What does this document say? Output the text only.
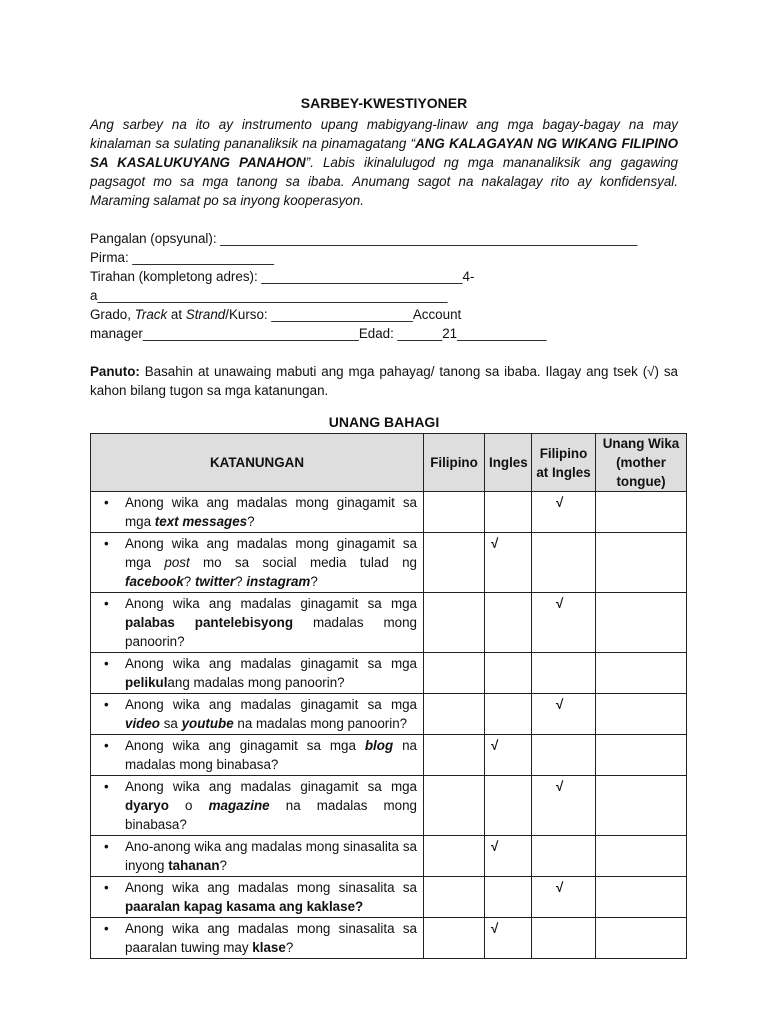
SARBEY-KWESTIYONER

Ang sarbey na ito ay instrumento upang mabigyang-linaw ang mga bagay-bagay na may kinalaman sa sulating pananaliksik na pinamagatang “ANG KALAGAYAN NG WIKANG FILIPINO SA KASALUKUYANG PANAHON”. Labis ikinalulugod ng mga mananaliksik ang gagawing pagsagot mo sa mga tanong sa ibaba. Anumang sagot na nakalagay rito ay konfidensyal. Maraming salamat po sa inyong kooperasyon.

Pangalan (opsyunal): ________________________________________________________ Pirma: ___________________

Tirahan (kompletong adres): ___________________________4-a_______________________________________________

Grado, Track at Strand/Kurso: ___________________Account manager_____________________________Edad: ______21____________

Panuto: Basahin at unawaing mabuti ang mga pahayag/ tanong sa ibaba. Ilagay ang tsek (√) sa kahon bilang tugon sa mga katanungan.

UNANG BAHAGI

KATANUNGAN	Filipino	Ingles	Filipino at Ingles	Unang Wika (mother tongue)

• Anong wika ang madalas mong ginagamit sa mga text messages?			√	

• Anong wika ang madalas mong ginagamit sa mga post mo sa social media tulad ng facebook? twitter? instagram?		√		

• Anong wika ang madalas ginagamit sa mga palabas pantelebisyong madalas mong panoorin?			√	

• Anong wika ang madalas ginagamit sa mga pelikulang madalas mong panoorin?				

• Anong wika ang madalas ginagamit sa mga video sa youtube na madalas mong panoorin?			√	

• Anong wika ang ginagamit sa mga blog na madalas mong binabasa?		√		

• Anong wika ang madalas ginagamit sa mga dyaryo o magazine na madalas mong binabasa?			√	

• Ano-anong wika ang madalas mong sinasalita sa inyong tahanan?		√		

• Anong wika ang madalas mong sinasalita sa paaralan kapag kasama ang kaklase?			√	

• Anong wika ang madalas mong sinasalita sa paaralan tuwing may klase?		√		
